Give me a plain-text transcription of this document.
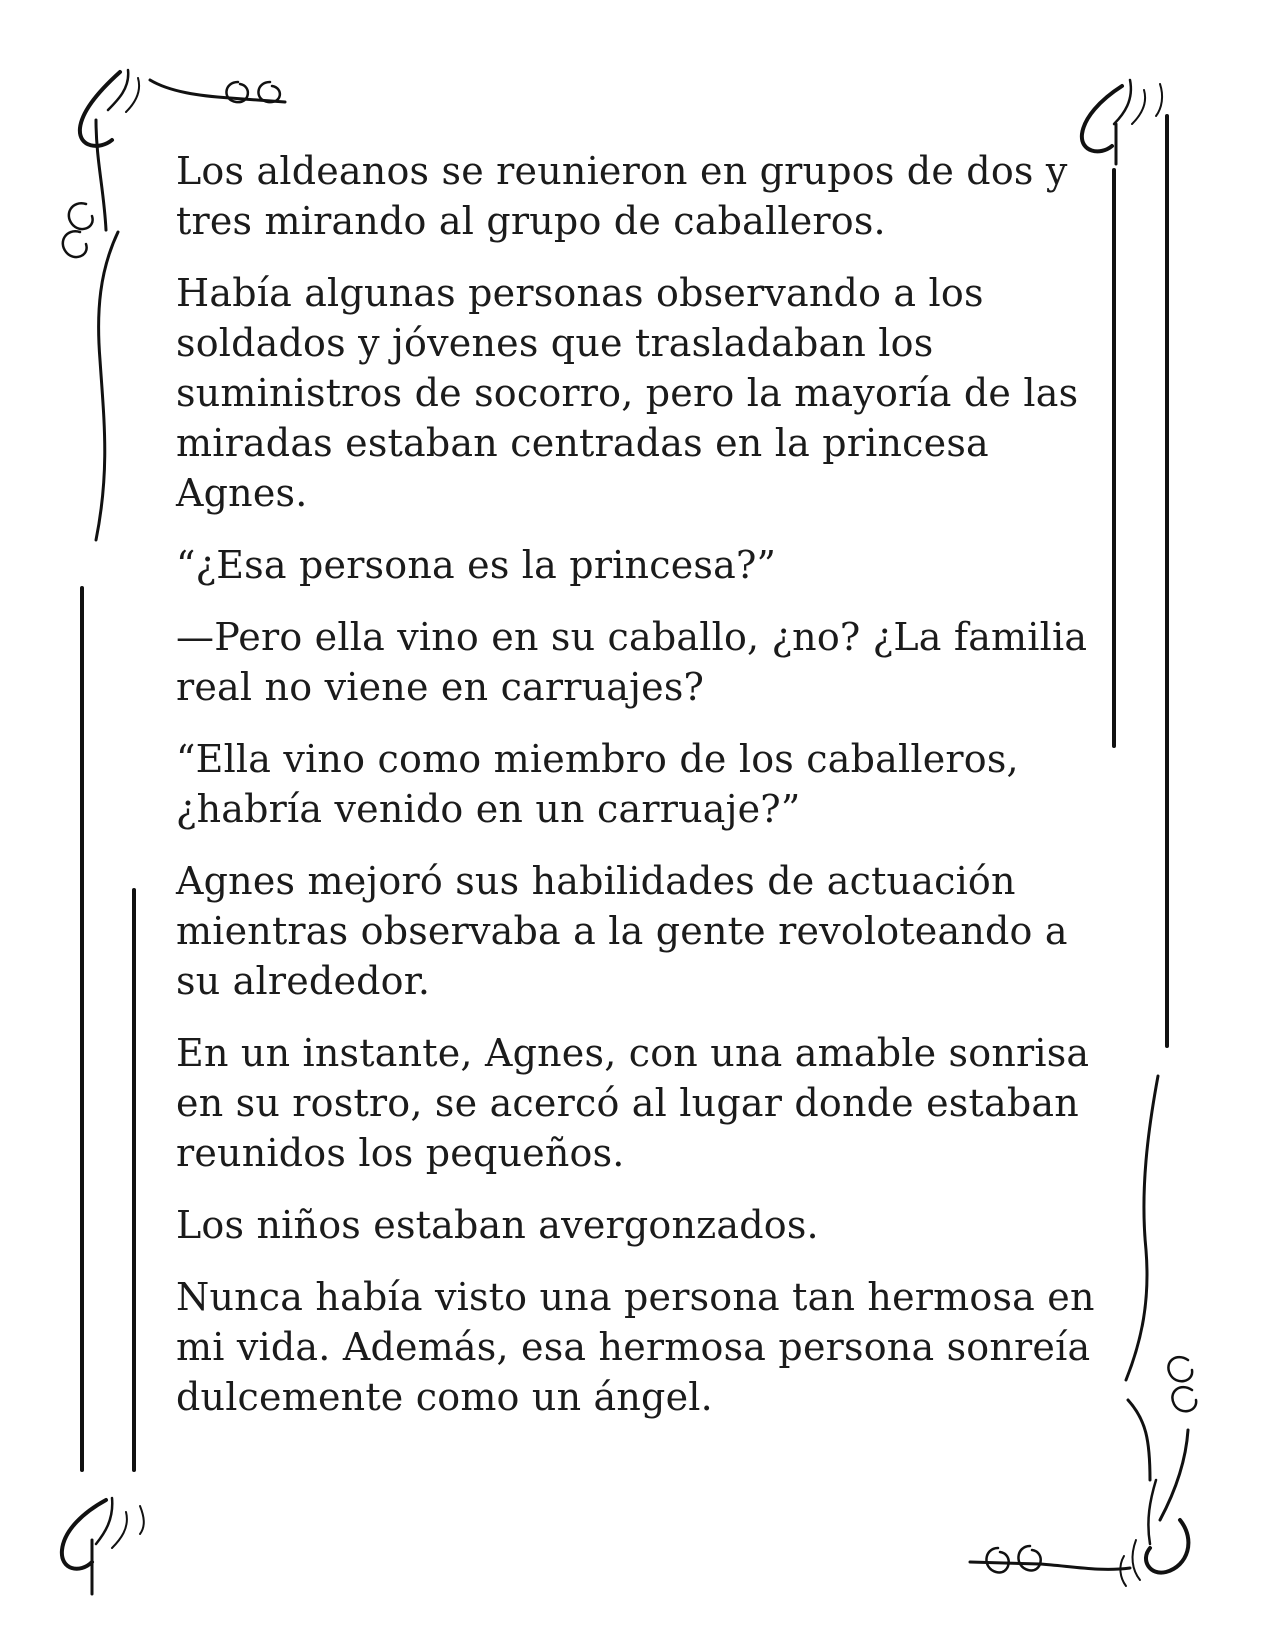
Los aldeanos se reunieron en grupos de dos y
tres mirando al grupo de caballeros.

Había algunas personas observando a los
soldados y jóvenes que trasladaban los
suministros de socorro, pero la mayoría de las
miradas estaban centradas en la princesa
Agnes.

“¿Esa persona es la princesa?”

—Pero ella vino en su caballo, ¿no? ¿La familia
real no viene en carruajes?

“Ella vino como miembro de los caballeros,
¿habría venido en un carruaje?”

Agnes mejoró sus habilidades de actuación
mientras observaba a la gente revoloteando a
su alrededor.

En un instante, Agnes, con una amable sonrisa
en su rostro, se acercó al lugar donde estaban
reunidos los pequeños.

Los niños estaban avergonzados.

Nunca había visto una persona tan hermosa en
mi vida. Además, esa hermosa persona sonreía
dulcemente como un ángel.
